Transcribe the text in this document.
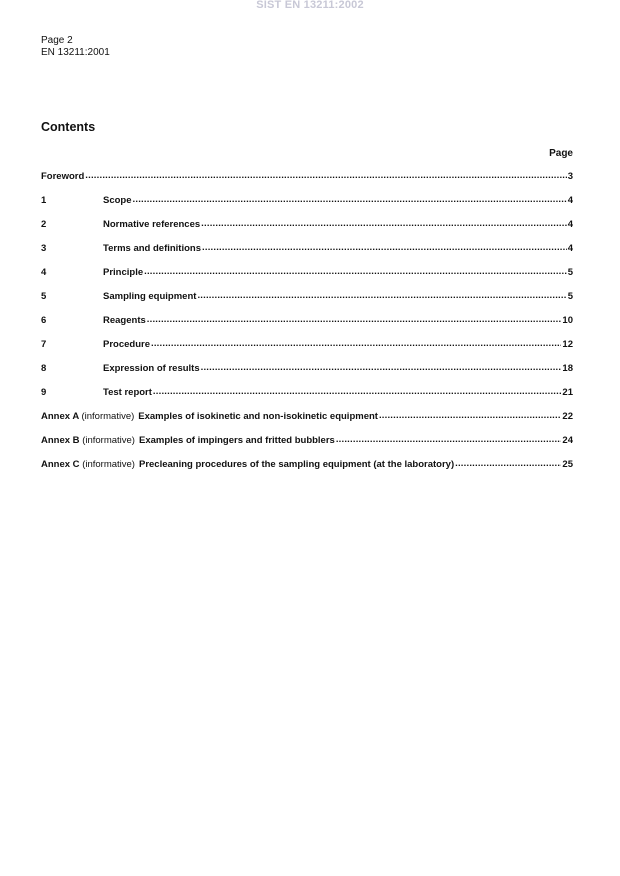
SIST EN 13211:2002
Page 2
EN 13211:2001
Contents
Page
Foreword .....	3
1	Scope .....	4
2	Normative references .....	4
3	Terms and definitions .....	4
4	Principle .....	5
5	Sampling equipment .....	5
6	Reagents .....	10
7	Procedure .....	12
8	Expression of results .....	18
9	Test report .....	21
Annex A (informative) Examples of isokinetic and non-isokinetic equipment .....	22
Annex B (informative) Examples of impingers and fritted bubblers .....	24
Annex C (informative) Precleaning procedures of the sampling equipment (at the laboratory) .....	25
